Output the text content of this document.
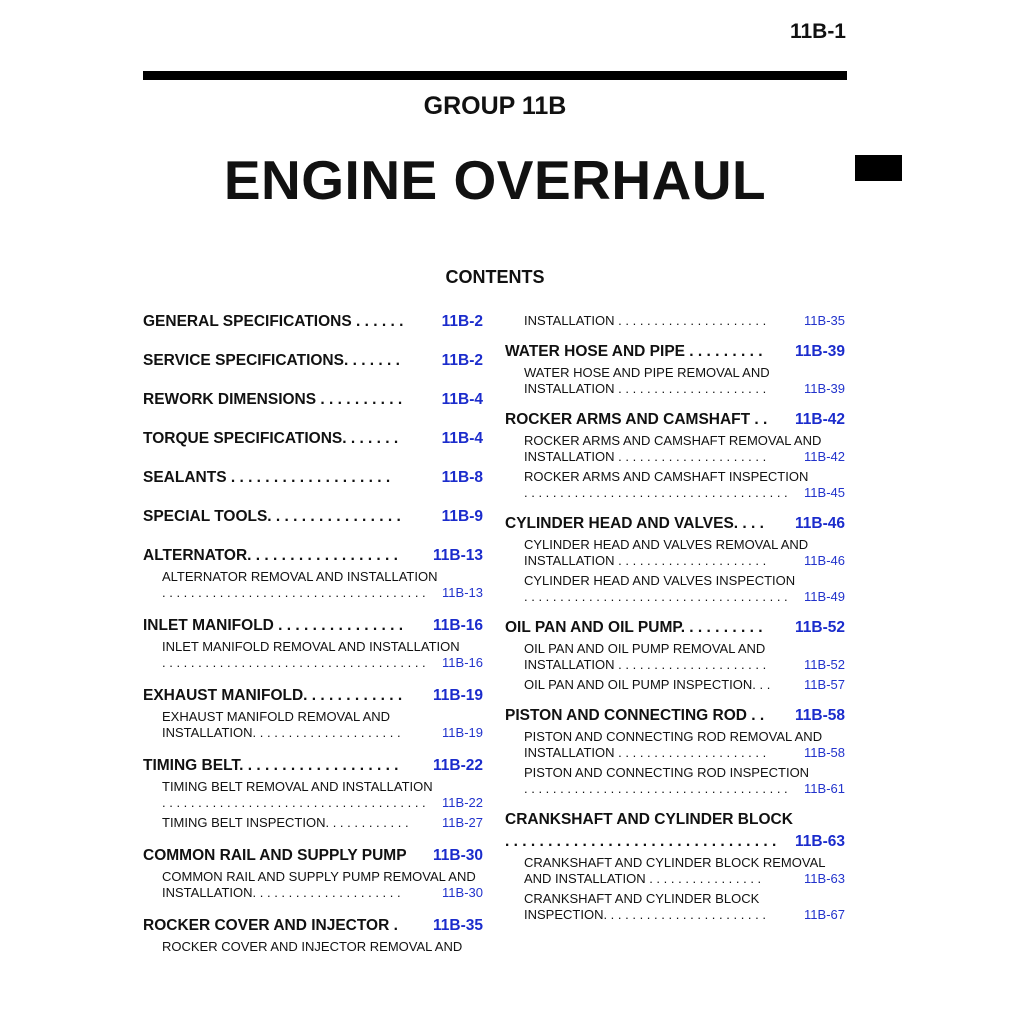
11B-1
GROUP 11B
ENGINE OVERHAUL
CONTENTS
GENERAL SPECIFICATIONS . . . . . . 11B-2
SERVICE SPECIFICATIONS. . . . . . .	11B-2
REWORK DIMENSIONS . . . . . . . . . .	11B-4
TORQUE SPECIFICATIONS. . . . . . .	11B-4
SEALANTS . . . . . . . . . . . . . . . . . . .	11B-8
SPECIAL TOOLS. . . . . . . . . . . . . . . .	11B-9
ALTERNATOR. . . . . . . . . . . . . . . . . . 11B-13
ALTERNATOR REMOVAL AND INSTALLATION
. . . . . . . . . . . . . . . . . . . . . . . . . . . . . . . . . . . . . 11B-13
INLET MANIFOLD . . . . . . . . . . . . . . . 11B-16
INLET MANIFOLD REMOVAL AND INSTALLATION
. . . . . . . . . . . . . . . . . . . . . . . . . . . . . . . . . . . . . 11B-16
EXHAUST MANIFOLD. . . . . . . . . . . . 11B-19
EXHAUST MANIFOLD REMOVAL AND
INSTALLATION. . . . . . . . . . . . . . . . . . . . .	11B-19
TIMING BELT. . . . . . . . . . . . . . . . . . . 11B-22
TIMING BELT REMOVAL AND INSTALLATION
. . . . . . . . . . . . . . . . . . . . . . . . . . . . . . . . . . . . . 11B-22
TIMING BELT INSPECTION. . . . . . . . . . . .	11B-27
COMMON RAIL AND SUPPLY PUMP 11B-30
COMMON RAIL AND SUPPLY PUMP REMOVAL AND
INSTALLATION. . . . . . . . . . . . . . . . . . . . .	11B-30
ROCKER COVER AND INJECTOR . 11B-35
ROCKER COVER AND INJECTOR REMOVAL AND
INSTALLATION . . . . . . . . . . . . . . . . . . . . .	11B-35
WATER HOSE AND PIPE . . . . . . . . . 11B-39
WATER HOSE AND PIPE REMOVAL AND
INSTALLATION . . . . . . . . . . . . . . . . . . . . .	11B-39
ROCKER ARMS AND CAMSHAFT . . 11B-42
ROCKER ARMS AND CAMSHAFT REMOVAL AND
INSTALLATION . . . . . . . . . . . . . . . . . . . . .	11B-42
ROCKER ARMS AND CAMSHAFT INSPECTION
. . . . . . . . . . . . . . . . . . . . . . . . . . . . . . . . . . . . . 11B-45
CYLINDER HEAD AND VALVES. . . . 11B-46
CYLINDER HEAD AND VALVES REMOVAL AND
INSTALLATION . . . . . . . . . . . . . . . . . . . . .	11B-46
CYLINDER HEAD AND VALVES INSPECTION
. . . . . . . . . . . . . . . . . . . . . . . . . . . . . . . . . . . . . 11B-49
OIL PAN AND OIL PUMP. . . . . . . . . . 11B-52
OIL PAN AND OIL PUMP REMOVAL AND
INSTALLATION . . . . . . . . . . . . . . . . . . . . .	11B-52
OIL PAN AND OIL PUMP INSPECTION. . .	11B-57
PISTON AND CONNECTING ROD . . 11B-58
PISTON AND CONNECTING ROD REMOVAL AND
INSTALLATION . . . . . . . . . . . . . . . . . . . . .	11B-58
PISTON AND CONNECTING ROD INSPECTION
. . . . . . . . . . . . . . . . . . . . . . . . . . . . . . . . . . . . . 11B-61
CRANKSHAFT AND CYLINDER BLOCK
. . . . . . . . . . . . . . . . . . . . . . . . . . . . . . . . 11B-63
CRANKSHAFT AND CYLINDER BLOCK REMOVAL
AND INSTALLATION . . . . . . . . . . . . . . . .	11B-63
CRANKSHAFT AND CYLINDER BLOCK
INSPECTION. . . . . . . . . . . . . . . . . . . . . . .	11B-67
